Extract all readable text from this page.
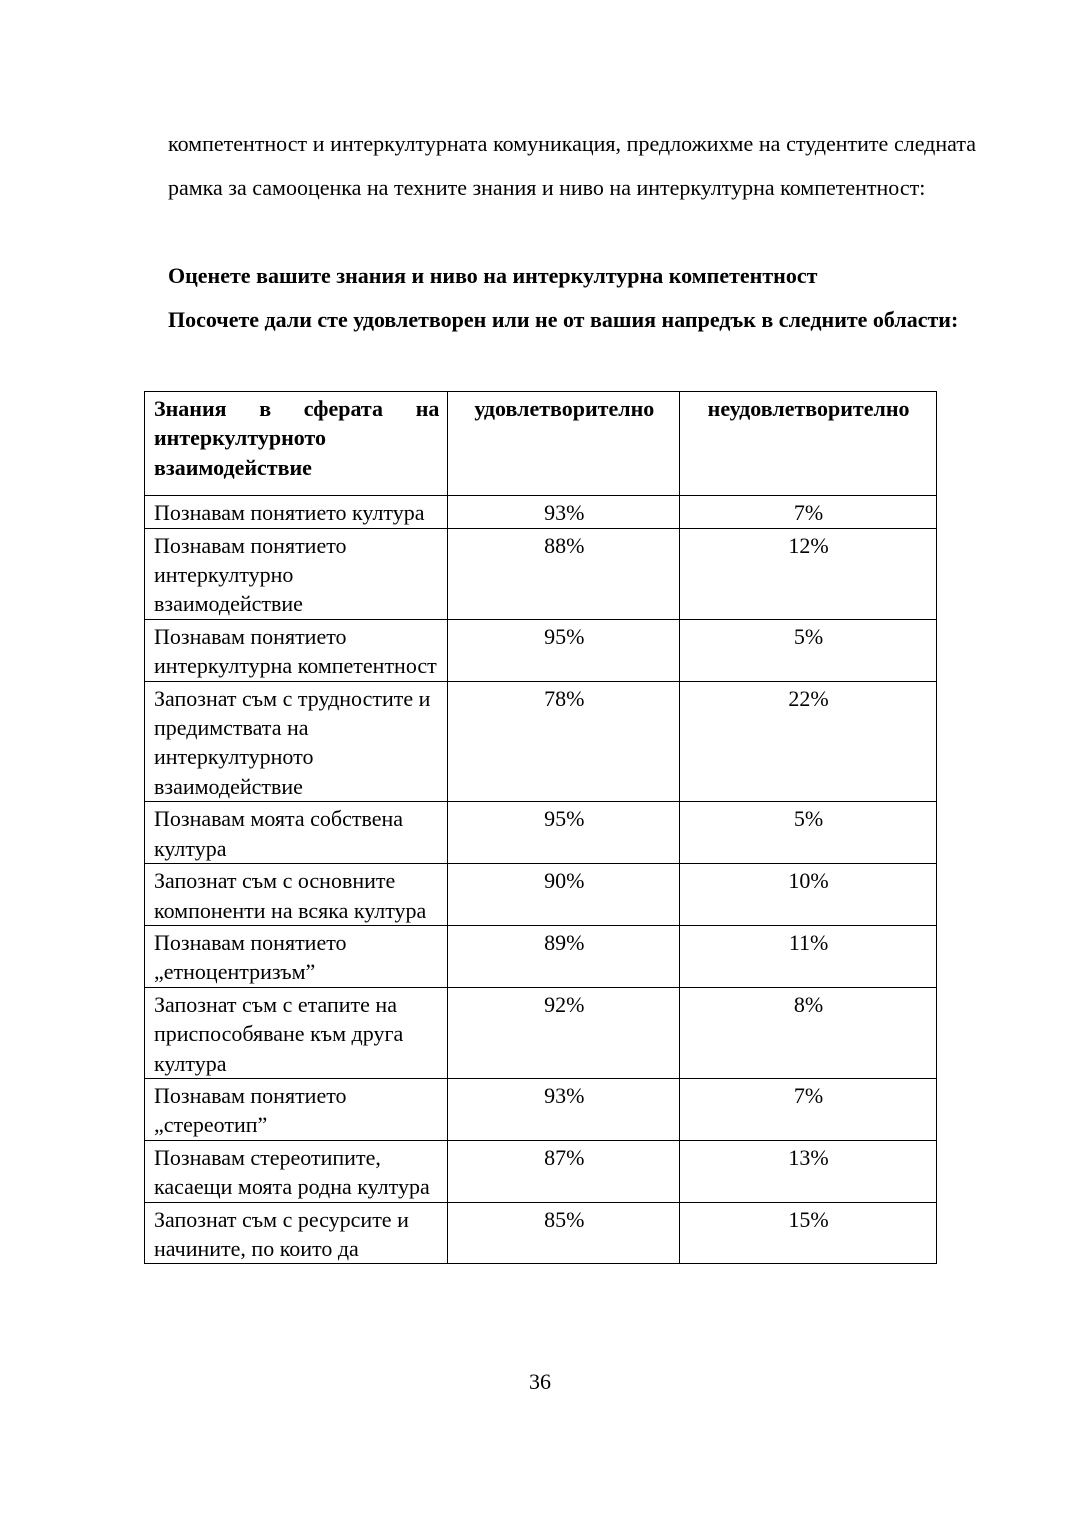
компетентност и интеркултурната комуникация, предложихме на студентите следната рамка за самооценка на техните знания и ниво на интеркултурна компетентност:

Оценете вашите знания и ниво на интеркултурна компетентност

Посочете дали сте удовлетворен или не от вашия напредък в следните области:

Знания в сферата на интеркултурното взаимодействие	удовлетворително	неудовлетворително
Познавам понятието култура	93%	7%
Познавам понятието интеркултурно взаимодействие	88%	12%
Познавам понятието интеркултурна компетентност	95%	5%
Запознат съм с трудностите и предимствата на интеркултурното взаимодействие	78%	22%
Познавам моята собствена култура	95%	5%
Запознат съм с основните компоненти на всяка култура	90%	10%
Познавам понятието „етноцентризъм”	89%	11%
Запознат съм с етапите на приспособяване към друга култура	92%	8%
Познавам понятието „стереотип”	93%	7%
Познавам стереотипите, касаещи моята родна култура	87%	13%
Запознат съм с ресурсите и начините, по които да	85%	15%
36
